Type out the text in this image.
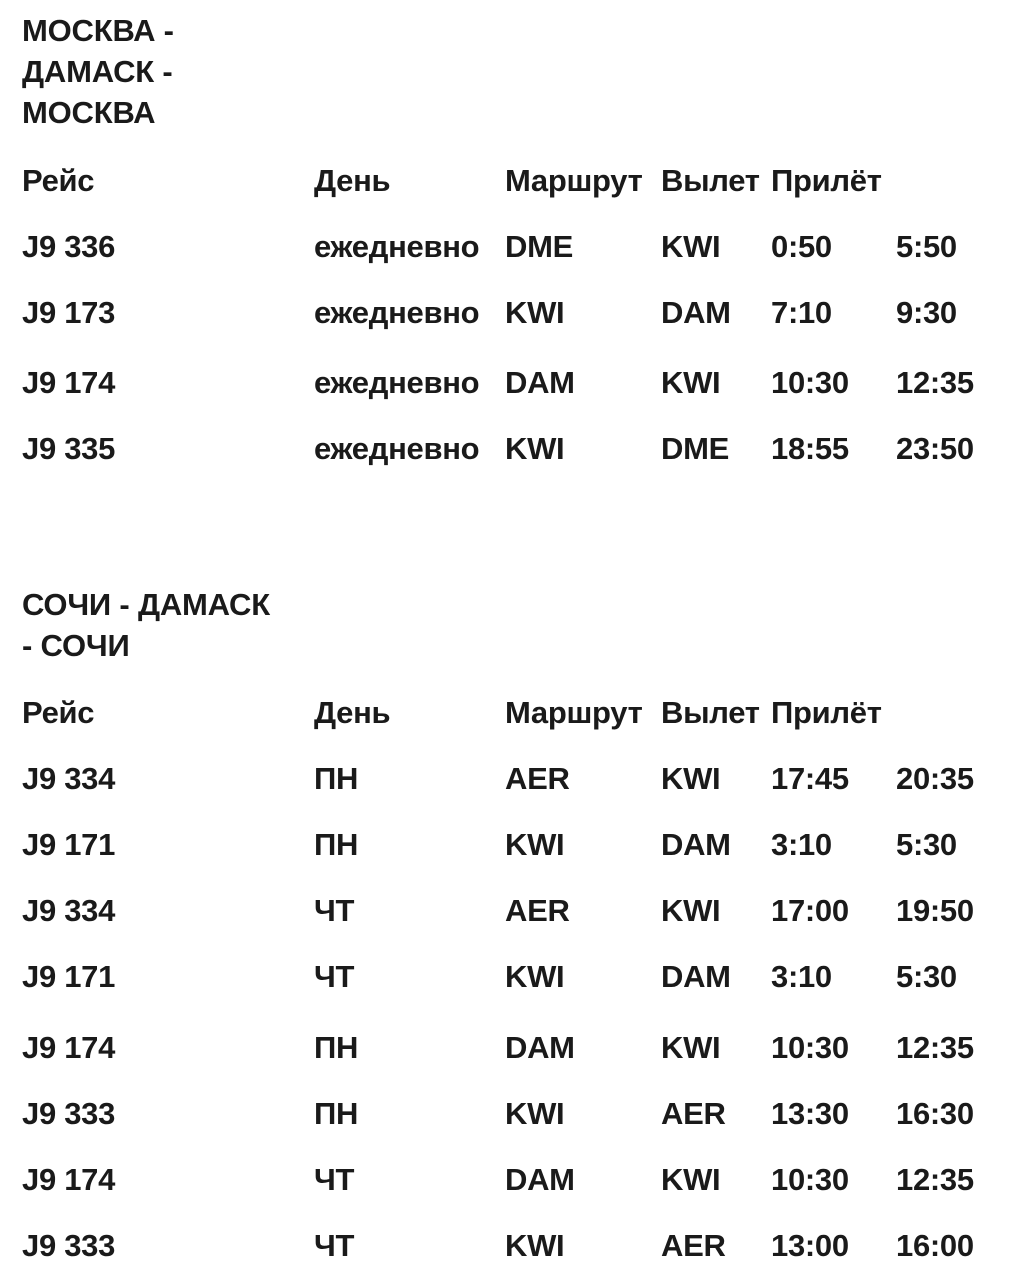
МОСКВА -
ДАМАСК -
МОСКВА
Рейс	День	Маршрут Вылет Прилёт
J9 336	ежедневно DME	KWI 0:50 5:50
J9 173	ежедневно KWI	DAM 7:10 9:30
J9 174	ежедневно DAM	KWI 10:30 12:35
J9 335	ежедневно KWI	DME 18:55 23:50
СОЧИ - ДАМАСК
- СОЧИ
Рейс	День	Маршрут Вылет Прилёт
J9 334	ПН	AER	KWI 17:45 20:35
J9 171	ПН	KWI	DAM 3:10 5:30
J9 334	ЧТ	AER	KWI 17:00 19:50
J9 171	ЧТ	KWI	DAM 3:10 5:30
J9 174	ПН	DAM	KWI 10:30 12:35
J9 333	ПН	KWI	AER 13:30 16:30
J9 174	ЧТ	DAM	KWI 10:30 12:35
J9 333	ЧТ	KWI	AER 13:00 16:00
